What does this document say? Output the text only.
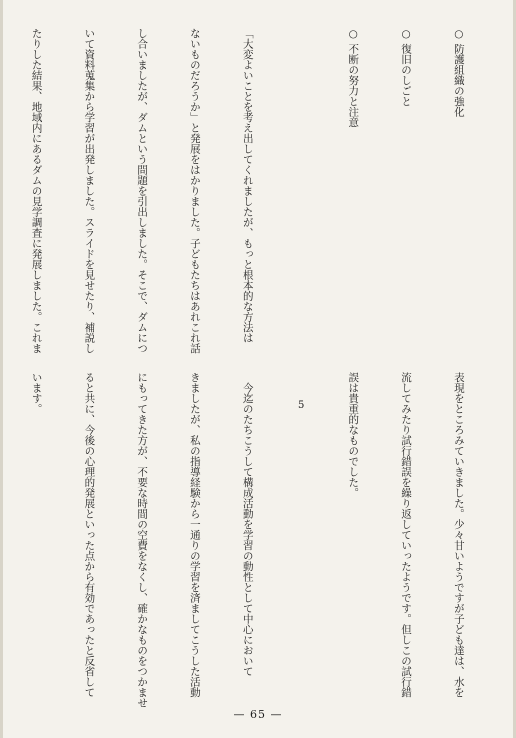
○ 防護組織の強化

○ 復旧のしごと

○ 不断の努力と注意

「大変よいことを考え出してくれましたが、もっと根本的な方法は

ないものだろうか」と発展をはかりました。子どもたちはあれこれ話

し合いましたが、ダムという問題を引出しました。そこで、ダムにつ

いて資料蒐集から学習が出発しました。スライドを見せたり、補説し

たりした結果、地域内にあるダムの見学調査に発展しました。これま

表現をところみていきました。少々甘いようですが子ども達は、水を

流してみたり試行錯誤を繰り返していったようです。但しこの試行錯

誤は貴重的なものでした。

　今迄のたちこうして構成活動を学習の動性として中心において

きましたが、私の指導経験から一通りの学習を済ましてこうした活動

にもってきた方が、不要な時間の空費をなくし、確かなものをつかませ

ると共に、今後の心理的発展といった点から有効であったと反省して

います。

	5
— 65 —
